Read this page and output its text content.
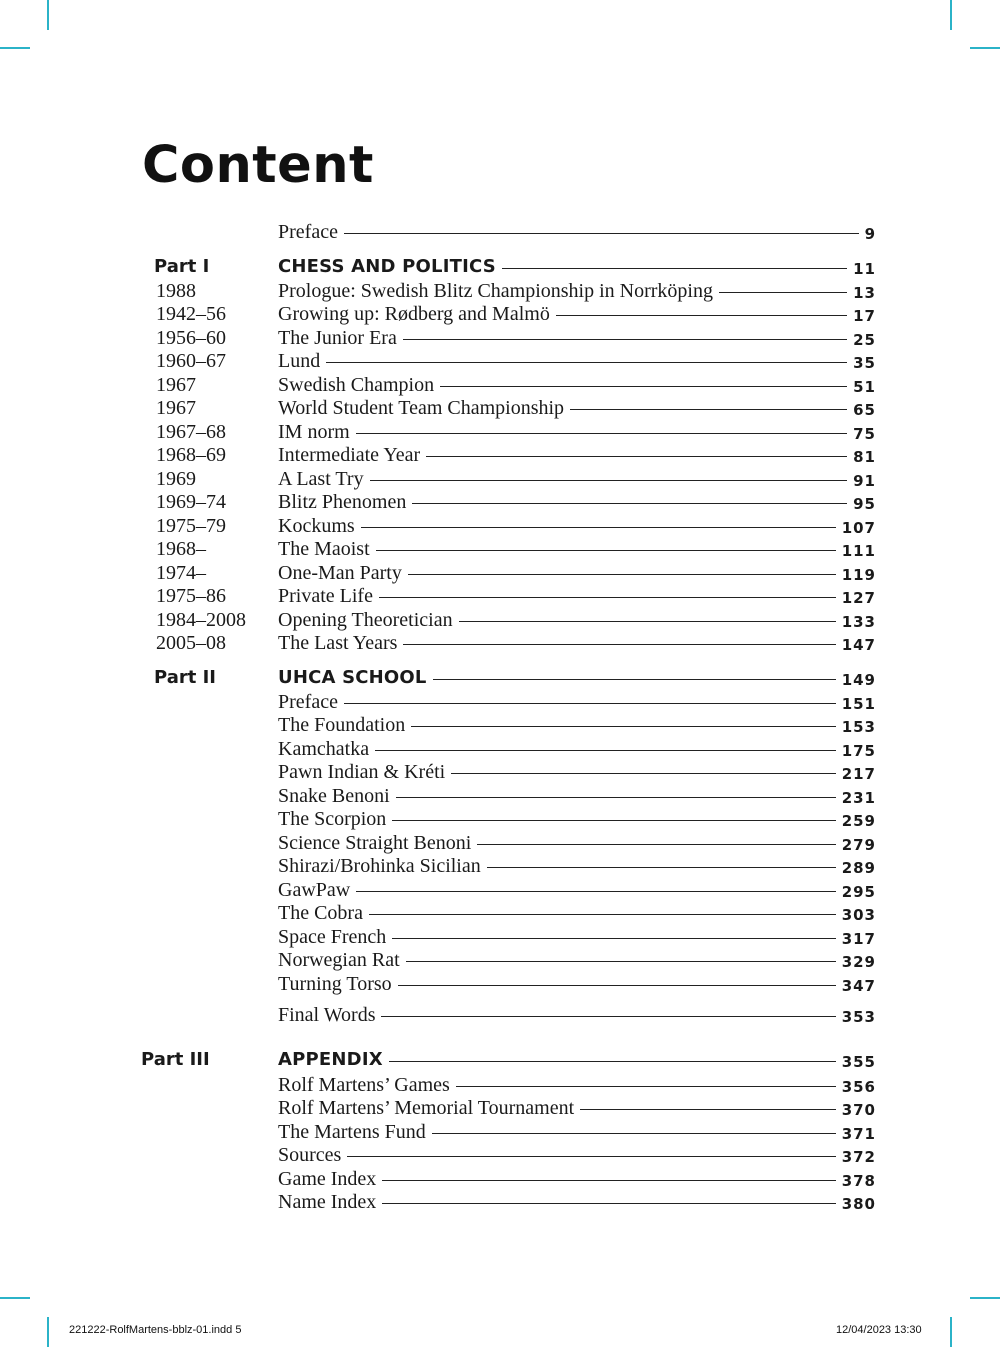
Content
Preface	9
Part I	CHESS AND POLITICS	11
1988	Prologue: Swedish Blitz Championship in Norrköping	13
1942–56	Growing up: Rødberg and Malmö	17
1956–60	The Junior Era	25
1960–67	Lund	35
1967	Swedish Champion	51
1967	World Student Team Championship	65
1967–68	IM norm	75
1968–69	Intermediate Year	81
1969	A Last Try	91
1969–74	Blitz Phenomen	95
1975–79	Kockums	107
1968–	The Maoist	111
1974–	One-Man Party	119
1975–86	Private Life	127
1984–2008 Opening Theoretician	133
2005–08	The Last Years	147
Part II	UHCA SCHOOL	149
Preface	151
The Foundation	153
Kamchatka	175
Pawn Indian & Kréti	217
Snake Benoni	231
The Scorpion	259
Science Straight Benoni	279
Shirazi/Brohinka Sicilian	289
GawPaw	295
The Cobra	303
Space French	317
Norwegian Rat	329
Turning Torso	347
Final Words	353
Part III	APPENDIX	355
Rolf Martens’ Games	356
Rolf Martens’ Memorial Tournament	370
The Martens Fund	371
Sources	372
Game Index	378
Name Index	380
221222-RolfMartens-bblz-01.indd 5	12/04/2023 13:30
